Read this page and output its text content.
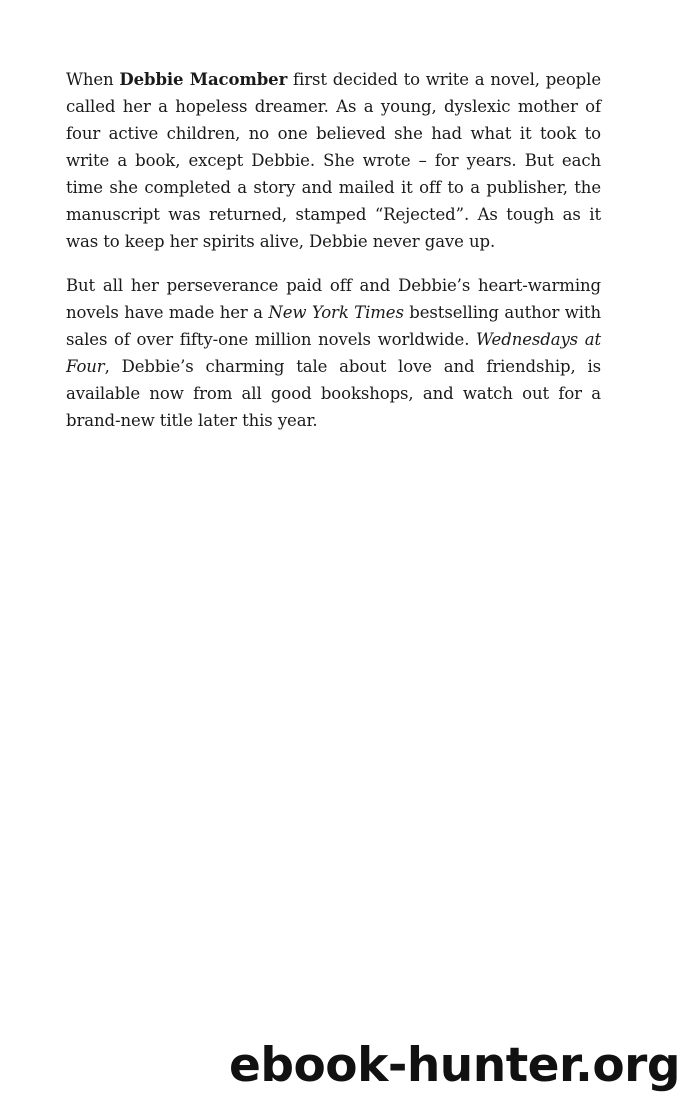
When Debbie Macomber first decided to write a novel, people called her a hopeless dreamer. As a young, dyslexic mother of four active children, no one believed she had what it took to write a book, except Debbie. She wrote – for years. But each time she completed a story and mailed it off to a publisher, the manuscript was returned, stamped “Rejected”. As tough as it was to keep her spirits alive, Debbie never gave up.

But all her perseverance paid off and Debbie’s heart-warming novels have made her a New York Times bestselling author with sales of over fifty-one million novels worldwide. Wednesdays at Four, Debbie’s charming tale about love and friendship, is available now from all good bookshops, and watch out for a brand-new title later this year.

ebook-hunter.org
